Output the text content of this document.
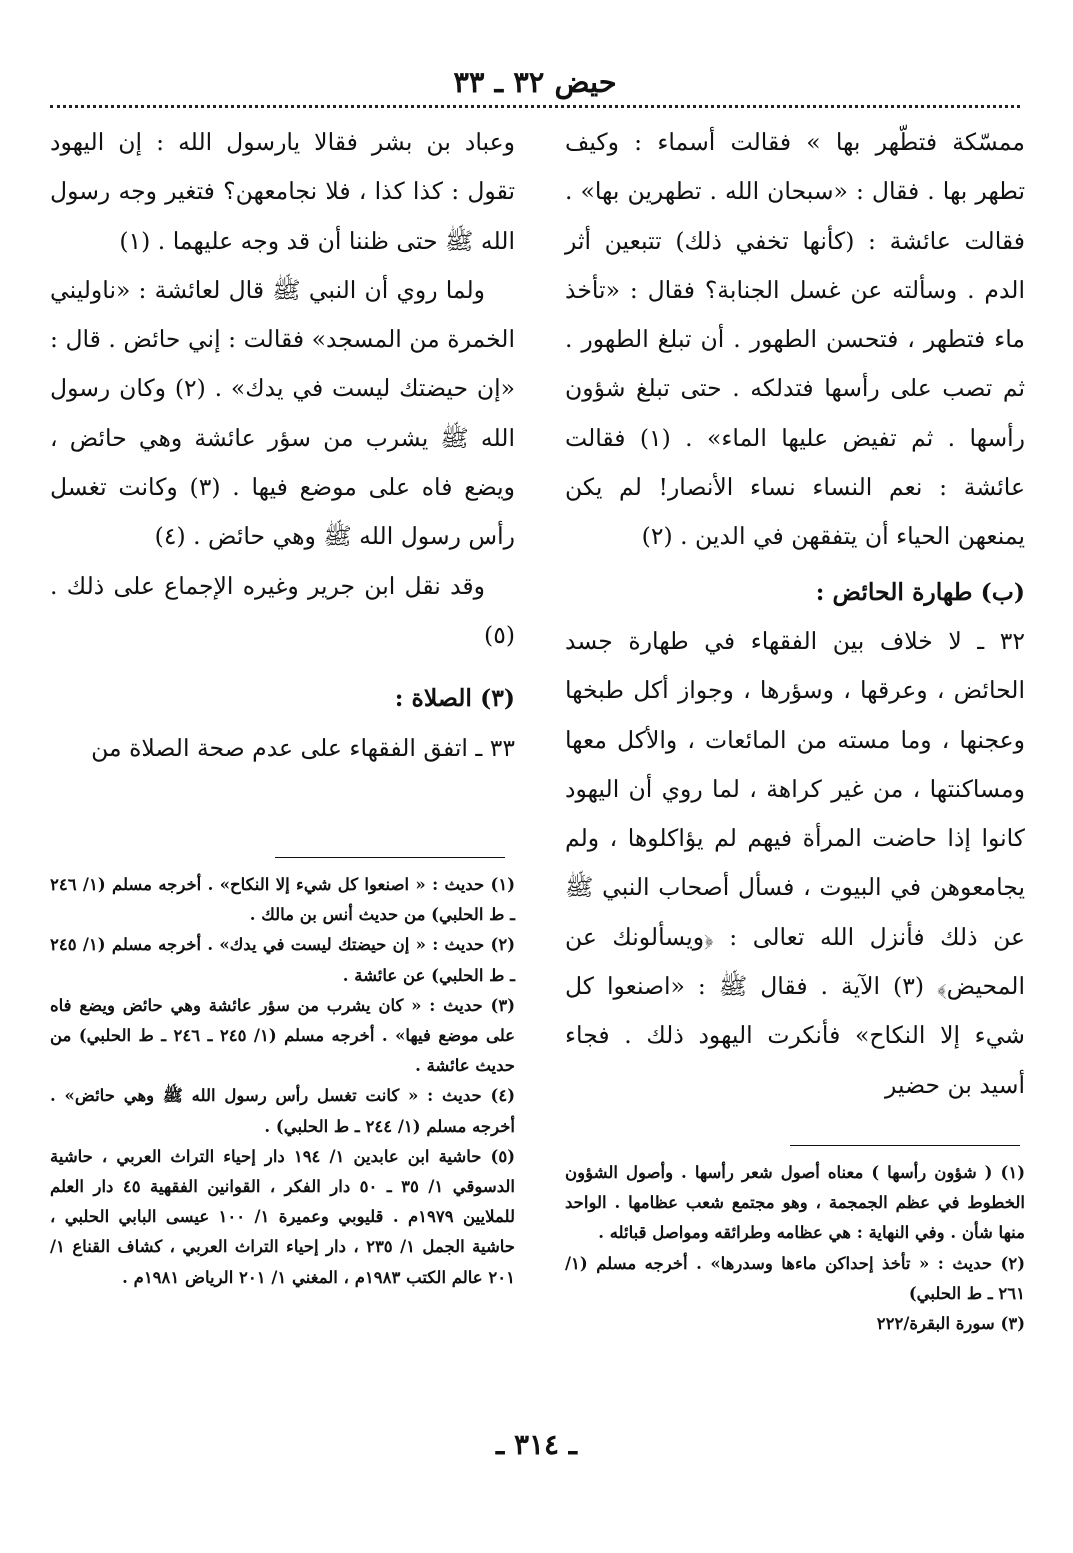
حيض ٣٢ ـ ٣٣

ممسّكة فتطّهر بها » فقالت أسماء : وكيف تطهر بها . فقال : «سبحان الله . تطهرين بها» . فقالت عائشة : (كأنها تخفي ذلك) تتبعين أثر الدم . وسألته عن غسل الجنابة؟ فقال : «تأخذ ماء فتطهر ، فتحسن الطهور . أن تبلغ الطهور . ثم تصب على رأسها فتدلكه . حتى تبلغ شؤون رأسها . ثم تفيض عليها الماء» . (١) فقالت عائشة : نعم النساء نساء الأنصار! لم يكن يمنعهن الحياء أن يتفقهن في الدين . (٢)

(ب) طهارة الحائض :

٣٢ ـ لا خلاف بين الفقهاء في طهارة جسد الحائض ، وعرقها ، وسؤرها ، وجواز أكل طبخها وعجنها ، وما مسته من المائعات ، والأكل معها ومساكنتها ، من غير كراهة ، لما روي أن اليهود كانوا إذا حاضت المرأة فيهم لم يؤاكلوها ، ولم يجامعوهن في البيوت ، فسأل أصحاب النبي ﷺ عن ذلك فأنزل الله تعالى : ﴿ويسألونك عن المحيض﴾ (٣) الآية . فقال ﷺ : «اصنعوا كل شيء إلا النكاح» فأنكرت اليهود ذلك . فجاء أسيد بن حضير

وعباد بن بشر فقالا يارسول الله : إن اليهود تقول : كذا كذا ، فلا نجامعهن؟ فتغير وجه رسول الله ﷺ حتى ظننا أن قد وجه عليهما . (١)

ولما روي أن النبي ﷺ قال لعائشة : «ناوليني الخمرة من المسجد» فقالت : إني حائض . قال : «إن حيضتك ليست في يدك» . (٢) وكان رسول الله ﷺ يشرب من سؤر عائشة وهي حائض ، ويضع فاه على موضع فيها . (٣) وكانت تغسل رأس رسول الله ﷺ وهي حائض . (٤)

وقد نقل ابن جرير وغيره الإجماع على ذلك . (٥)

(٣) الصلاة :

٣٣ ـ اتفق الفقهاء على عدم صحة الصلاة من

(١) حديث : « اصنعوا كل شيء إلا النكاح» . أخرجه مسلم (١/ ٢٤٦ ـ ط الحلبي) من حديث أنس بن مالك .

(٢) حديث : « إن حيضتك ليست في يدك» . أخرجه مسلم (١/ ٢٤٥ ـ ط الحلبي) عن عائشة .

(٣) حديث : « كان يشرب من سؤر عائشة وهي حائض ويضع فاه على موضع فيها» . أخرجه مسلم (١/ ٢٤٥ ـ ٢٤٦ ـ ط الحلبي) من حديث عائشة .

(٤) حديث : « كانت تغسل رأس رسول الله ﷺ وهي حائض» . أخرجه مسلم (١/ ٢٤٤ ـ ط الحلبي) .

(٥) حاشية ابن عابدين ١/ ١٩٤ دار إحياء التراث العربي ، حاشية الدسوقي ١/ ٣٥ ـ ٥٠ دار الفكر ، القوانين الفقهية ٤٥ دار العلم للملايين ١٩٧٩م . قليوبي وعميرة ١/ ١٠٠ عيسى البابي الحلبي ، حاشية الجمل ١/ ٢٣٥ ، دار إحياء التراث العربي ، كشاف القناع ١/ ٢٠١ عالم الكتب ١٩٨٣م ، المغني ١/ ٢٠١ الرياض ١٩٨١م .

(١) ( شؤون رأسها ) معناه أصول شعر رأسها . وأصول الشؤون الخطوط في عظم الجمجمة ، وهو مجتمع شعب عظامها . الواحد منها شأن . وفي النهاية : هي عظامه وطرائقه ومواصل قبائله .

(٢) حديث : « تأخذ إحداكن ماءها وسدرها» . أخرجه مسلم (١/ ٢٦١ ـ ط الحلبي)

(٣) سورة البقرة/٢٢٢

ـ ٣١٤ ـ
